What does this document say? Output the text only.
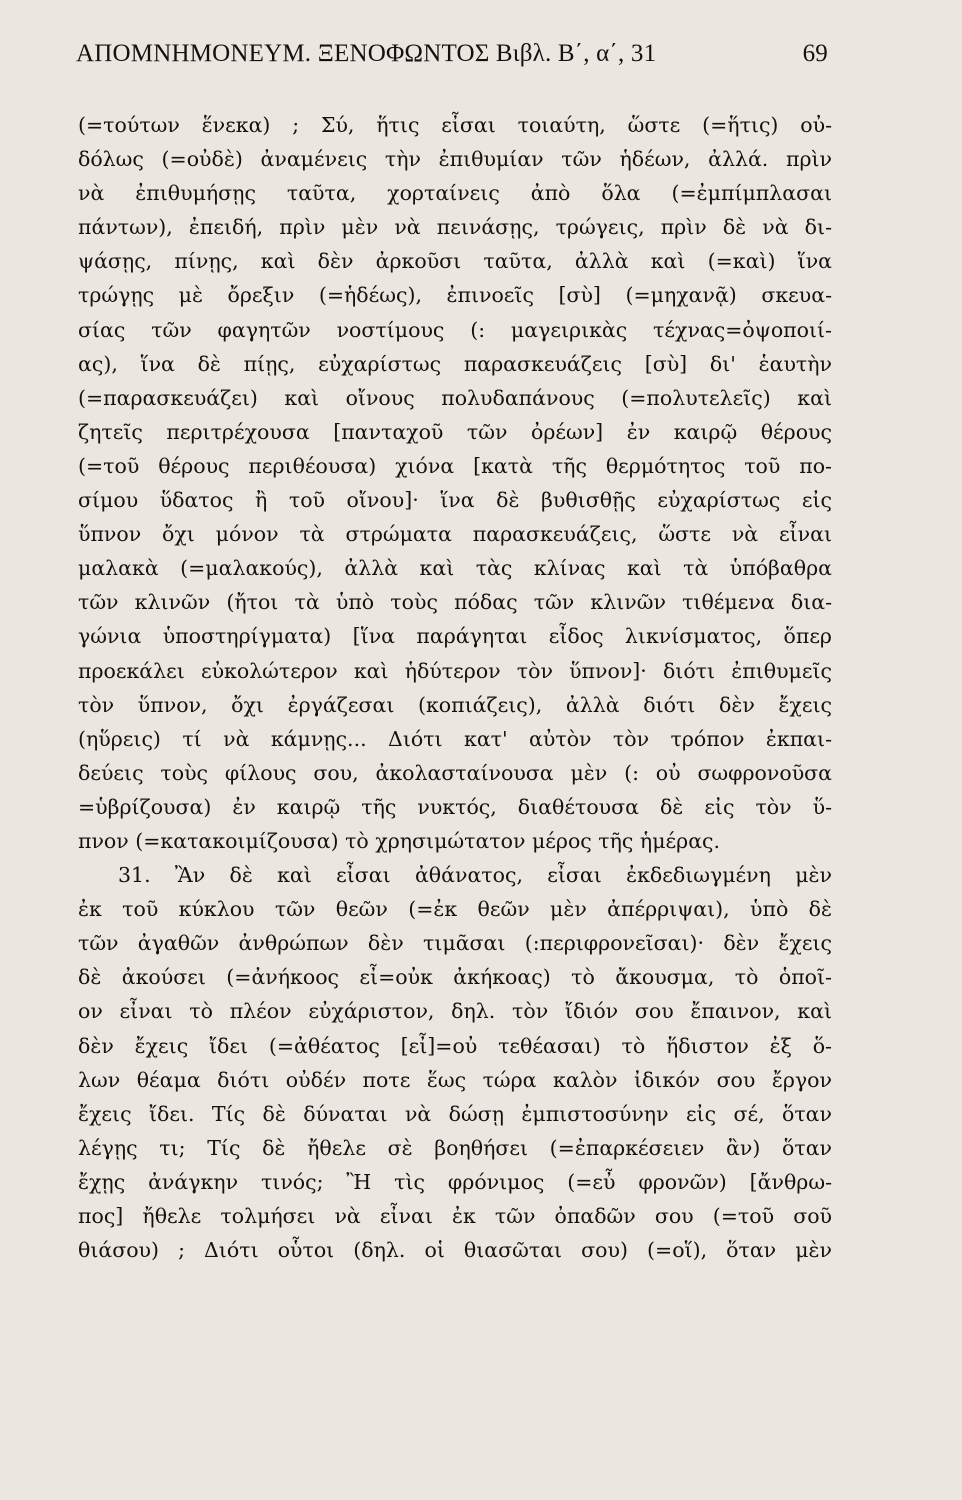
ΑΠΟΜΝΗΜΟΝΕΥΜ. ΞΕΝΟΦΩΝΤΟΣ Βιβλ. Β΄, α΄, 31	69
(=τούτων ἕνεκα) ; Σύ, ἥτις εἶσαι τοιαύτη, ὥστε (=ἥτις) οὐ-
δόλως (=οὐδὲ) ἀναμένεις τὴν ἐπιθυμίαν τῶν ἡδέων, ἀλλά. πρὶν
νὰ ἐπιθυμήσῃς ταῦτα, χορταίνεις ἀπὸ ὅλα (=ἐμπίμπλασαι
πάντων), ἐπειδή, πρὶν μὲν νὰ πεινάσῃς, τρώγεις, πρὶν δὲ νὰ δι-
ψάσῃς, πίνῃς, καὶ δὲν ἀρκοῦσι ταῦτα, ἀλλὰ καὶ (=καὶ) ἵνα
τρώγῃς μὲ ὄρεξιν (=ἡδέως), ἐπινοεῖς [σὺ] (=μηχανᾷ) σκευα-
σίας τῶν φαγητῶν νοστίμους (: μαγειρικὰς τέχνας=ὀψοποιί-
ας), ἵνα δὲ πίῃς, εὐχαρίστως παρασκευάζεις [σὺ] δι' ἑαυτὴν
(=παρασκευάζει) καὶ οἴνους πολυδαπάνους (=πολυτελεῖς) καὶ
ζητεῖς περιτρέχουσα [πανταχοῦ τῶν ὀρέων] ἐν καιρῷ θέρους
(=τοῦ θέρους περιθέουσα) χιόνα [κατὰ τῆς θερμότητος τοῦ πο-
σίμου ὕδατος ἢ τοῦ οἴνου]· ἵνα δὲ βυθισθῇς εὐχαρίστως εἰς
ὕπνον ὄχι μόνον τὰ στρώματα παρασκευάζεις, ὥστε νὰ εἶναι
μαλακὰ (=μαλακούς), ἀλλὰ καὶ τὰς κλίνας καὶ τὰ ὑπόβαθρα
τῶν κλινῶν (ἤτοι τὰ ὑπὸ τοὺς πόδας τῶν κλινῶν τιθέμενα δια-
γώνια ὑποστηρίγματα) [ἵνα παράγηται εἶδος λικνίσματος, ὅπερ
προεκάλει εὐκολώτερον καὶ ἡδύτερον τὸν ὕπνον]· διότι ἐπιθυμεῖς
τὸν ὕπνον, ὄχι ἐργάζεσαι (κοπιάζεις), ἀλλὰ διότι δὲν ἔχεις
(ηὕρεις) τί νὰ κάμνῃς... Διότι κατ' αὐτὸν τὸν τρόπον ἐκπαι-
δεύεις τοὺς φίλους σου, ἀκολασταίνουσα μὲν (: οὐ σωφρονοῦσα
=ὑβρίζουσα) ἐν καιρῷ τῆς νυκτός, διαθέτουσα δὲ εἰς τὸν ὕ-
πνον (=κατακοιμίζουσα) τὸ χρησιμώτατον μέρος τῆς ἡμέρας.
31. Ἂν δὲ καὶ εἶσαι ἀθάνατος, εἶσαι ἐκδεδιωγμένη μὲν
ἐκ τοῦ κύκλου τῶν θεῶν (=ἐκ θεῶν μὲν ἀπέρριψαι), ὑπὸ δὲ
τῶν ἀγαθῶν ἀνθρώπων δὲν τιμᾶσαι (:περιφρονεῖσαι)· δὲν ἔχεις
δὲ ἀκούσει (=ἀνήκοος εἶ=οὐκ ἀκήκοας) τὸ ἄκουσμα, τὸ ὁποῖ-
ον εἶναι τὸ πλέον εὐχάριστον, δηλ. τὸν ἴδιόν σου ἔπαινον, καὶ
δὲν ἔχεις ἴδει (=ἀθέατος [εἶ]=οὐ τεθέασαι) τὸ ἥδιστον ἐξ ὅ-
λων θέαμα διότι οὐδέν ποτε ἕως τώρα καλὸν ἰδικόν σου ἔργον
ἔχεις ἴδει. Τίς δὲ δύναται νὰ δώσῃ ἐμπιστοσύνην εἰς σέ, ὅταν
λέγῃς τι; Τίς δὲ ἤθελε σὲ βοηθήσει (=ἐπαρκέσειεν ἂν) ὅταν
ἔχῃς ἀνάγκην τινός; Ἢ τὶς φρόνιμος (=εὖ φρονῶν) [ἄνθρω-
πος] ἤθελε τολμήσει νὰ εἶναι ἐκ τῶν ὀπαδῶν σου (=τοῦ σοῦ
θιάσου) ; Διότι οὗτοι (δηλ. οἱ θιασῶται σου) (=οἵ), ὅταν μὲν
